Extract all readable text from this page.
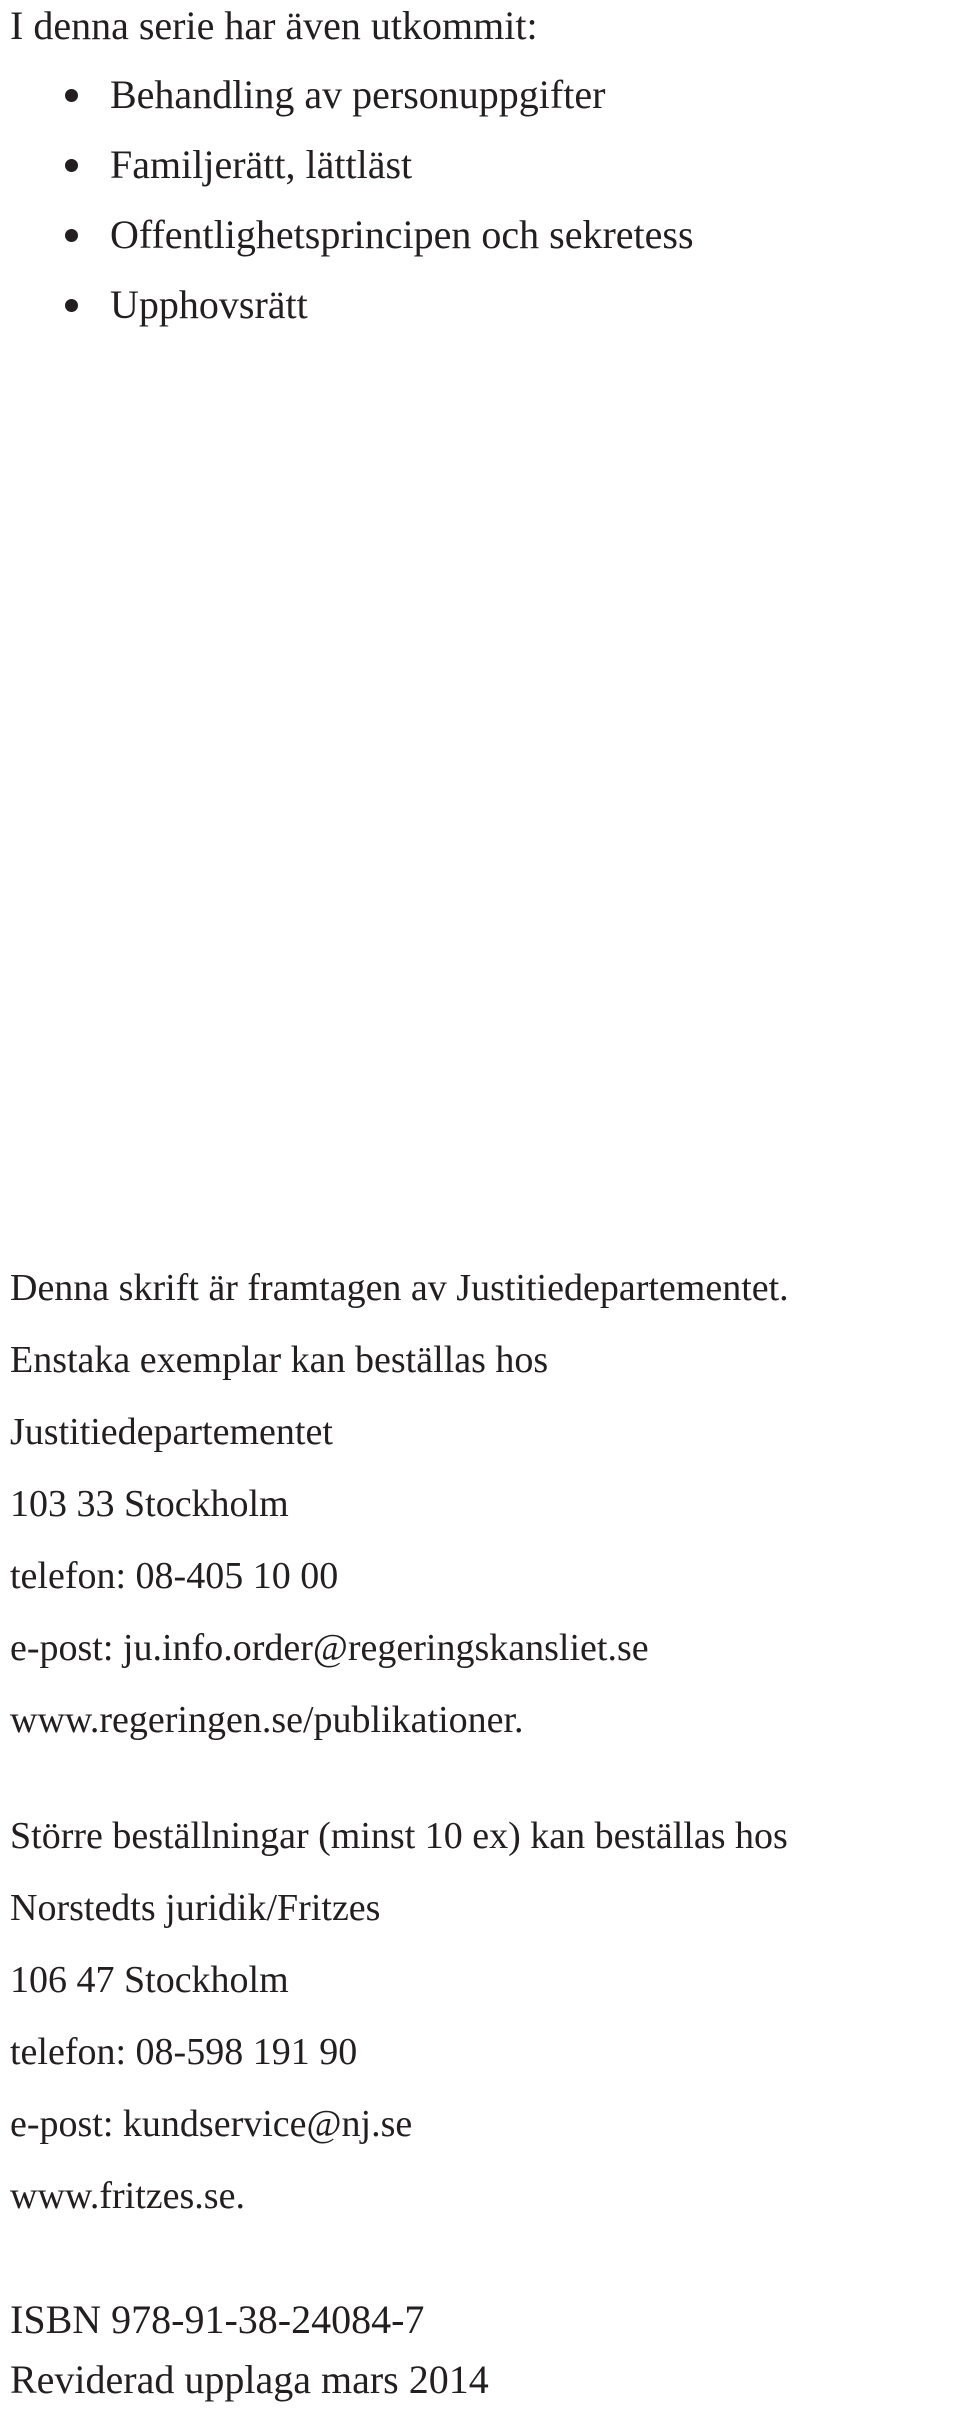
I denna serie har även utkommit:
Behandling av personuppgifter
Familjerätt, lättläst
Offentlighetsprincipen och sekretess
Upphovsrätt
Denna skrift är framtagen av Justitiedepartementet.
Enstaka exemplar kan beställas hos
Justitiedepartementet
103 33 Stockholm
telefon: 08-405 10 00
e-post: ju.info.order@regeringskansliet.se
www.regeringen.se/publikationer.
Större beställningar (minst 10 ex) kan beställas hos
Norstedts juridik/Fritzes
106 47 Stockholm
telefon: 08-598 191 90
e-post: kundservice@nj.se
www.fritzes.se.
ISBN 978-91-38-24084-7
Reviderad upplaga mars 2014
